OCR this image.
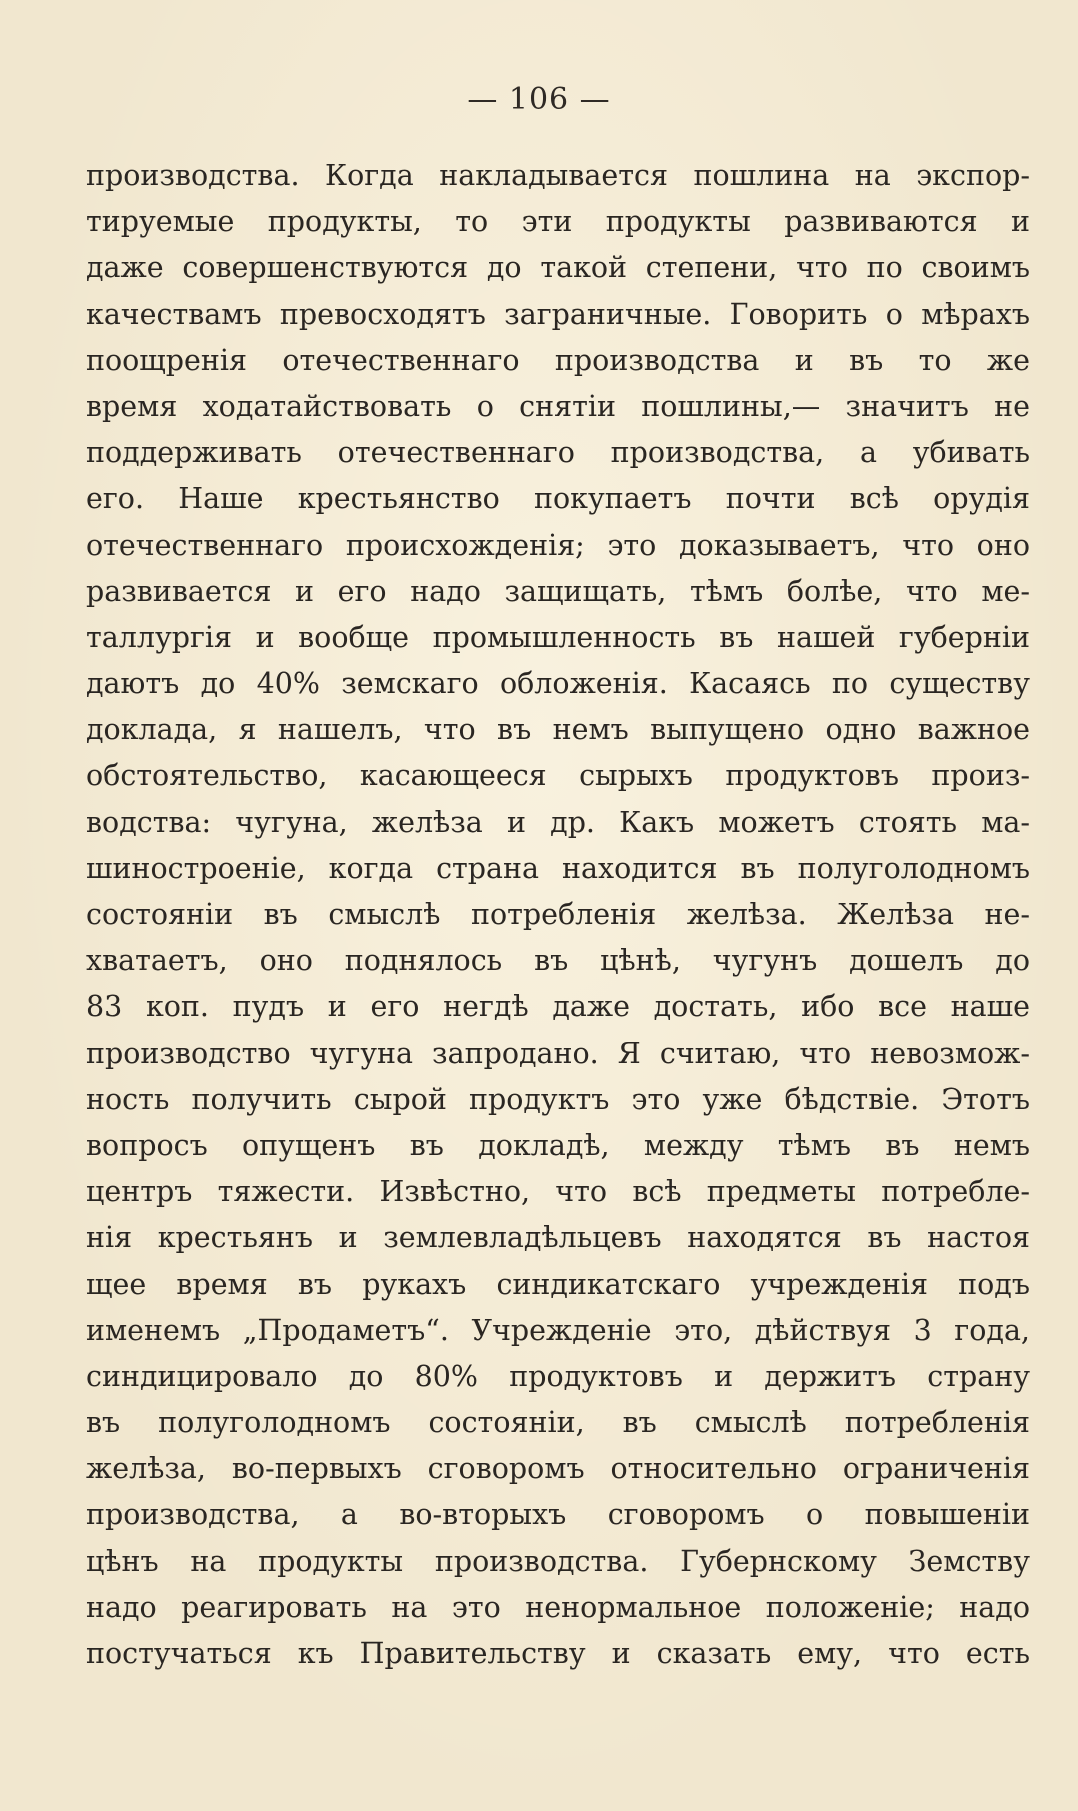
— 106 —
производства. Когда накладывается пошлина на экспор-
тируемые продукты, то эти продукты развиваются и
даже совершенствуются до такой степени, что по своимъ
качествамъ превосходятъ заграничные. Говорить о мѣрахъ
поощренія отечественнаго производства и въ то же
время ходатайствовать о снятіи пошлины,— значитъ не
поддерживать отечественнаго производства, а убивать
его. Наше крестьянство покупаетъ почти всѣ орудія
отечественнаго происхожденія; это доказываетъ, что оно
развивается и его надо защищать, тѣмъ болѣе, что ме-
таллургія и вообще промышленность въ нашей губерніи
даютъ до 40% земскаго обложенія. Касаясь по существу
доклада, я нашелъ, что въ немъ выпущено одно важное
обстоятельство, касающееся сырыхъ продуктовъ произ-
водства: чугуна, желѣза и др. Какъ можетъ стоять ма-
шиностроеніе, когда страна находится въ полуголодномъ
состояніи въ смыслѣ потребленія желѣза. Желѣза не-
хватаетъ, оно поднялось въ цѣнѣ, чугунъ дошелъ до
83 коп. пудъ и его негдѣ даже достать, ибо все наше
производство чугуна запродано. Я считаю, что невозмож-
ность получить сырой продуктъ это уже бѣдствіе. Этотъ
вопросъ опущенъ въ докладѣ, между тѣмъ въ немъ
центръ тяжести. Извѣстно, что всѣ предметы потребле-
нія крестьянъ и землевладѣльцевъ находятся въ настоя
щее время въ рукахъ синдикатскаго учрежденія подъ
именемъ „Продаметъ“. Учрежденіе это, дѣйствуя 3 года,
синдицировало до 80% продуктовъ и держитъ страну
въ полуголодномъ состояніи, въ смыслѣ потребленія
желѣза, во-первыхъ сговоромъ относительно ограниченія
производства, а во-вторыхъ сговоромъ о повышеніи
цѣнъ на продукты производства. Губернскому Земству
надо реагировать на это ненормальное положеніе; надо
постучаться къ Правительству и сказать ему, что есть
